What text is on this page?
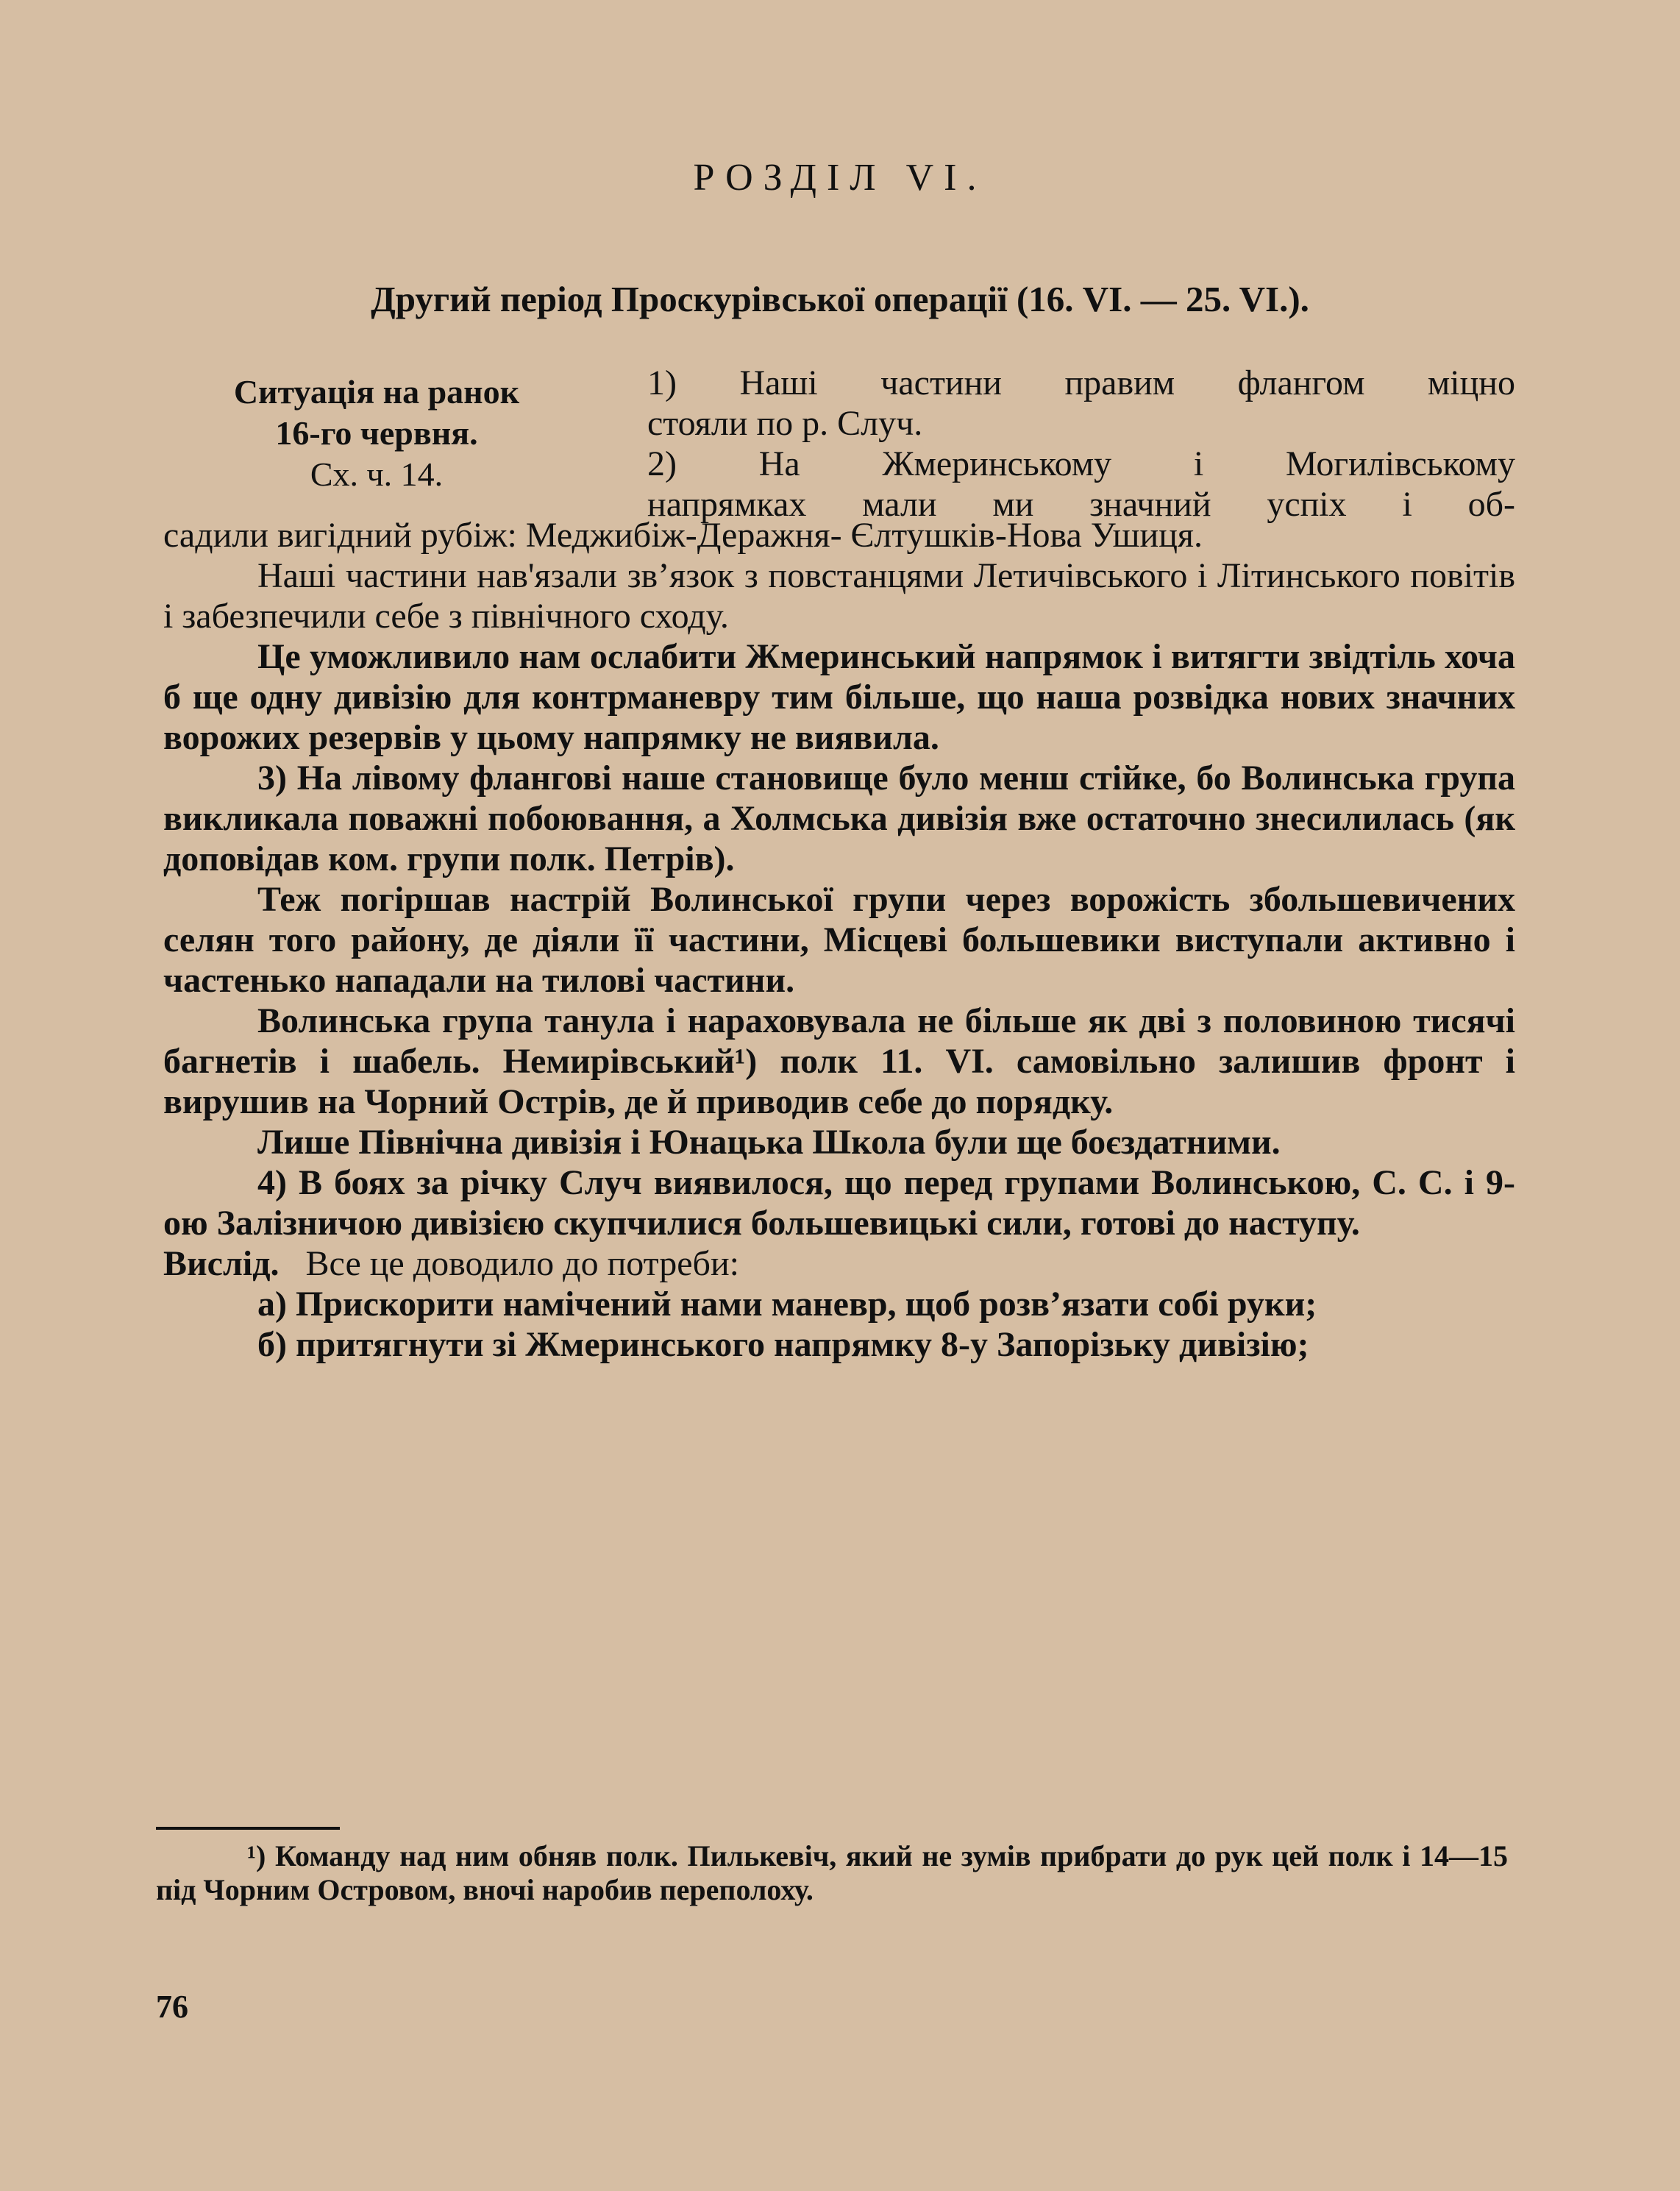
РОЗДІЛ VI.
Другий період Проскурівської операції (16. VI. — 25. VI.).
Ситуація на ранок
16-го червня.
Сх. ч. 14.
1) Наші частини правим флангом міцно
стояли по р. Случ.
2) На Жмеринському і Могилівському
напрямках мали ми значний успіх і об-

садили вигідний рубіж: Меджибіж-Деражня- Єлтушків-Нова Ушиця.

Наші частини нав'язали зв’язок з повстанцями Летичівського і Літинського повітів і забезпечили себе з північного сходу.

Це уможливило нам ослабити Жмеринський напрямок і витягти звідтіль хоча б ще одну дивізію для контрманевру тим більше, що наша розвідка нових значних ворожих резервів у цьому напрямку не виявила.

3) На лівому флангові наше становище було менш стійке, бо Волинська група викликала поважні побоювання, а Холмська дивізія вже остаточно знесилилась (як доповідав ком. групи полк. Петрів).

Теж погіршав настрій Волинської групи через ворожість збольшевичених селян того району, де діяли її частини, Місцеві большевики виступали активно і частенько нападали на тилові частини.

Волинська група танула і нараховувала не більше як дві з половиною тисячі багнетів і шабель. Немирівський¹) полк 11. VI. самовільно залишив фронт і вирушив на Чорний Острів, де й приводив себе до порядку.

Лише Північна дивізія і Юнацька Школа були ще боєздатними.

4) В боях за річку Случ виявилося, що перед групами Волинською, С. С. і 9-ою Залізничою дивізією скупчилися большевицькі сили, готові до наступу.

Вислід. Все це доводило до потреби:

а) Прискорити намічений нами маневр, щоб розв’язати собі руки;

б) притягнути зі Жмеринського напрямку 8-у Запорізьку дивізію;

¹) Команду над ним обняв полк. Пилькевіч, який не зумів прибрати до рук цей полк і 14—15 під Чорним Островом, вночі наробив переполоху.
76
